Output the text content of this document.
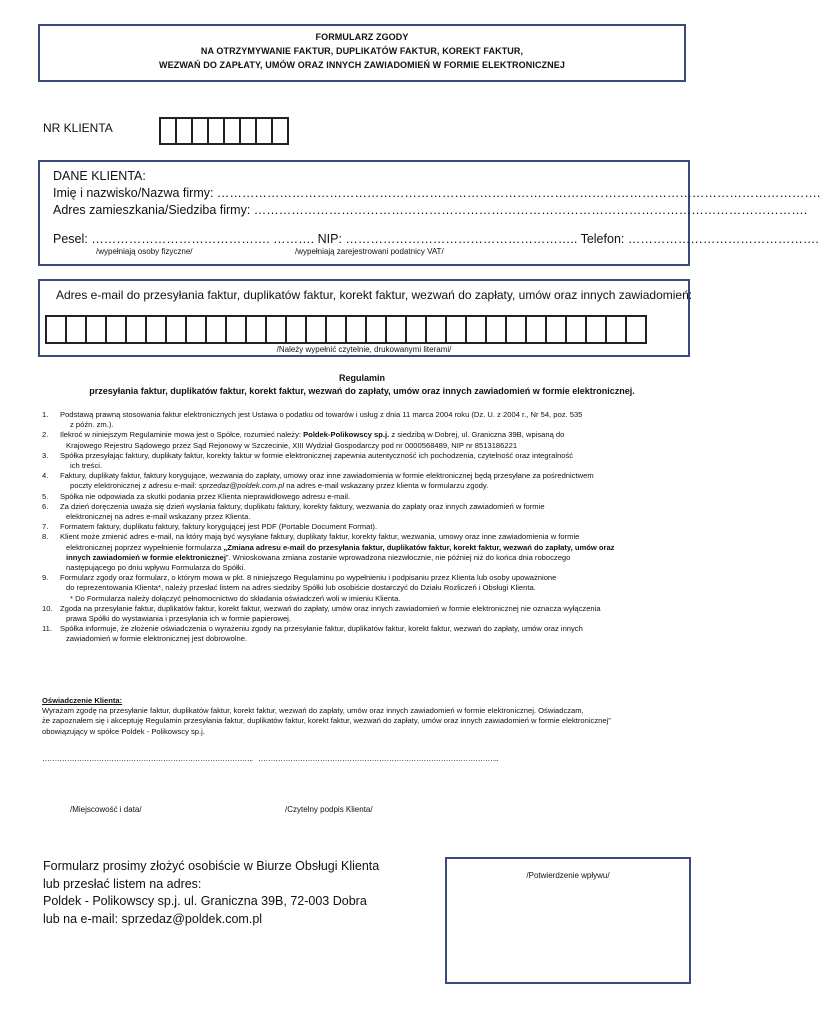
FORMULARZ ZGODY
NA OTRZYMYWANIE FAKTUR, DUPLIKATÓW FAKTUR, KOREKT FAKTUR,
WEZWAŃ DO ZAPŁATY, UMÓW ORAZ INNYCH ZAWIADOMIEŃ W FORMIE ELEKTRONICZNEJ
NR KLIENTA
DANE KLIENTA:
Imię i nazwisko/Nazwa firmy: ……………………………………………………………………………………………………………………………….
Adres zamieszkania/Siedziba firmy: …………………………………………………………………………………………………………………….
Pesel: ……………………………………. ………. NIP: ……………………………………………….. Telefon: ……………………………………….
/wypełniają osoby fizyczne/	/wypełniają zarejestrowani podatnicy VAT/
Adres e-mail do przesyłania faktur, duplikatów faktur, korekt faktur, wezwań do zapłaty, umów oraz innych zawiadomień:
/Należy wypełnić czytelnie, drukowanymi literami/
Regulamin
przesyłania faktur, duplikatów faktur, korekt faktur, wezwań do zapłaty, umów oraz innych zawiadomień w formie elektronicznej.
1. Podstawą prawną stosowania faktur elektronicznych jest Ustawa o podatku od towarów i usług z dnia 11 marca 2004 roku (Dz. U. z 2004 r., Nr 54, poz. 535
z późn. zm.).
2. Ilekroć w niniejszym Regulaminie mowa jest o Spółce, rozumieć należy: Poldek-Polikowscy sp.j. z siedzibą w Dobrej, ul. Graniczna 39B, wpisaną do
Krajowego Rejestru Sądowego przez Sąd Rejonowy w Szczecinie, XIII Wydział Gospodarczy pod nr 0000568489, NIP nr 8513186221
3. Spółka przesyłając faktury, duplikaty faktur, korekty faktur w formie elektronicznej zapewnia autentyczność ich pochodzenia, czytelność oraz integralność
ich treści.
4. Faktury, duplikaty faktur, faktury korygujące, wezwania do zapłaty, umowy oraz inne zawiadomienia w formie elektronicznej będą przesyłane za pośrednictwem
poczty elektronicznej z adresu e-mail: sprzedaz@poldek.com.pl na adres e-mail wskazany przez klienta w formularzu zgody.
5. Spółka nie odpowiada za skutki podania przez Klienta nieprawidłowego adresu e-mail.
6. Za dzień doręczenia uważa się dzień wysłania faktury, duplikatu faktury, korekty faktury, wezwania do zapłaty oraz innych zawiadomień w formie
elektronicznej na adres e-mail wskazany przez Klienta.
7. Formatem faktury, duplikatu faktury, faktury korygującej jest PDF (Portable Document Format).
8. Klient może zmienić adres e-mail, na który mają być wysyłane faktury, duplikaty faktur, korekty faktur, wezwania, umowy oraz inne zawiadomienia w formie
elektronicznej poprzez wypełnienie formularza „Zmiana adresu e-mail do przesyłania faktur, duplikatów faktur, korekt faktur, wezwań do zapłaty, umów oraz
innych zawiadomień w formie elektronicznej”. Wnioskowana zmiana zostanie wprowadzona niezwłocznie, nie później niż do końca dnia roboczego
następującego po dniu wpływu Formularza do Spółki.
9. Formularz zgody oraz formularz, o którym mowa w pkt. 8 niniejszego Regulaminu po wypełnieniu i podpisaniu przez Klienta lub osoby upoważnione
do reprezentowania Klienta*, należy przesłać listem na adres siedziby Spółki lub osobiście dostarczyć do Działu Rozliczeń i Obsługi Klienta.
* Do Formularza należy dołączyć pełnomocnictwo do składania oświadczeń woli w imieniu Klienta.
10. Zgoda na przesyłanie faktur, duplikatów faktur, korekt faktur, wezwań do zapłaty, umów oraz innych zawiadomień w formie elektronicznej nie oznacza wyłączenia
prawa Spółki do wystawiania i przesyłania ich w formie papierowej.
11. Spółka informuje, że złożenie oświadczenia o wyrażeniu zgody na przesyłanie faktur, duplikatów faktur, korekt faktur, wezwań do zapłaty, umów oraz innych
zawiadomień w formie elektronicznej jest dobrowolne.
Oświadczenie Klienta:
Wyrażam zgodę na przesyłanie faktur, duplikatów faktur, korekt faktur, wezwań do zapłaty, umów oraz innych zawiadomień w formie elektronicznej. Oświadczam,
że zapoznałem się i akceptuję Regulamin przesyłania faktur, duplikatów faktur, korekt faktur, wezwań do zapłaty, umów oraz innych zawiadomień w formie elektronicznej”
obowiązujący w spółce Poldek - Polikowscy sp.j.
………………………………………………………………………….. ……………………………………………………………………………………..
/Miejscowość i data/	/Czytelny podpis Klienta/
Formularz prosimy złożyć osobiście w Biurze Obsługi Klienta
lub przesłać listem na adres:
Poldek - Polikowscy sp.j. ul. Graniczna 39B, 72-003 Dobra
lub na e-mail: sprzedaz@poldek.com.pl
/Potwierdzenie wpływu/
